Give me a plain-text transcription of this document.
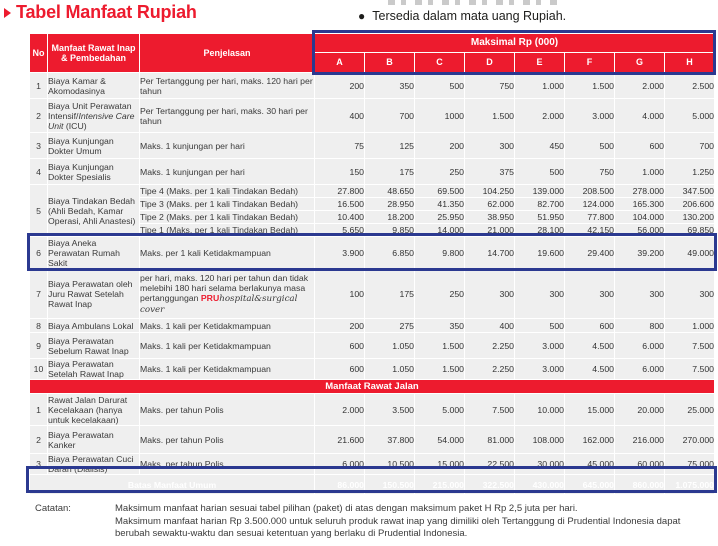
Tabel Manfaat Rupiah	● Tersedia dalam mata uang Rupiah.
No	Manfaat Rawat Inap & Pembedahan	Penjelasan	Maksimal Rp (000)							
			A	B	C	D	E	F	G	H
1	Biaya Kamar & Akomodasinya	Per Tertanggung per hari, maks. 120 hari per tahun	200	350	500	750	1.000	1.500	2.000	2.500
2	Biaya Unit Perawatan Intensif/Intensive Care Unit (ICU)	Per Tertanggung per hari, maks. 30 hari per tahun	400	700	1000	1.500	2.000	3.000	4.000	5.000
3	Biaya Kunjungan Dokter Umum	Maks. 1 kunjungan per hari	75	125	200	300	450	500	600	700
4	Biaya Kunjungan Dokter Spesialis	Maks. 1 kunjungan per hari	150	175	250	375	500	750	1.000	1.250
5	Biaya Tindakan Bedah (Ahli Bedah, Kamar Operasi, Ahli Anastesi)	Tipe 4 (Maks. per 1 kali Tindakan Bedah)	27.800	48.650	69.500	104.250	139.000	208.500	278.000	347.500
		Tipe 3 (Maks. per 1 kali Tindakan Bedah)	16.500	28.950	41.350	62.000	82.700	124.000	165.300	206.600
		Tipe 2 (Maks. per 1 kali Tindakan Bedah)	10.400	18.200	25.950	38.950	51.950	77.800	104.000	130.200
		Tipe 1 (Maks. per 1 kali Tindakan Bedah)	5.650	9.850	14.000	21.000	28.100	42.150	56.000	69.850
6	Biaya Aneka Perawatan Rumah Sakit	Maks. per 1 kali Ketidakmampuan	3.900	6.850	9.800	14.700	19.600	29.400	39.200	49.000
7	Biaya Perawatan oleh Juru Rawat Setelah Rawat Inap	per hari, maks. 120 hari per tahun dan tidak melebihi 180 hari selama berlakunya masa pertanggungan PRUhospital&surgical cover	100	175	250	300	300	300	300	300
8	Biaya Ambulans Lokal	Maks. 1 kali per Ketidakmampuan	200	275	350	400	500	600	800	1.000
9	Biaya Perawatan Sebelum Rawat Inap	Maks. 1 kali per Ketidakmampuan	600	1.050	1.500	2.250	3.000	4.500	6.000	7.500
10	Biaya Perawatan Setelah Rawat Inap	Maks. 1 kali per Ketidakmampuan	600	1.050	1.500	2.250	3.000	4.500	6.000	7.500
Manfaat Rawat Jalan										
1	Rawat Jalan Darurat Kecelakaan (hanya untuk kecelakaan)	Maks. per tahun Polis	2.000	3.500	5.000	7.500	10.000	15.000	20.000	25.000
2	Biaya Perawatan Kanker	Maks. per tahun Polis	21.600	37.800	54.000	81.000	108.000	162.000	216.000	270.000
3	Biaya Perawatan Cuci Darah (Dialisis)	Maks. per tahun Polis	6.000	10.500	15.000	22.500	30.000	45.000	60.000	75.000
Batas Manfaat Umum			86.000	150.500	215.000	322.500	430.000	645.000	860.000	1.075.000
Catatan:	Maksimum manfaat harian sesuai tabel pilihan (paket) di atas dengan maksimum paket H Rp 2,5 juta per hari.

Maksimum manfaat harian Rp 3.500.000 untuk seluruh produk rawat inap yang dimiliki oleh Tertanggung di Prudential Indonesia dapat berubah sewaktu-waktu dan sesuai ketentuan yang berlaku di Prudential Indonesia.
